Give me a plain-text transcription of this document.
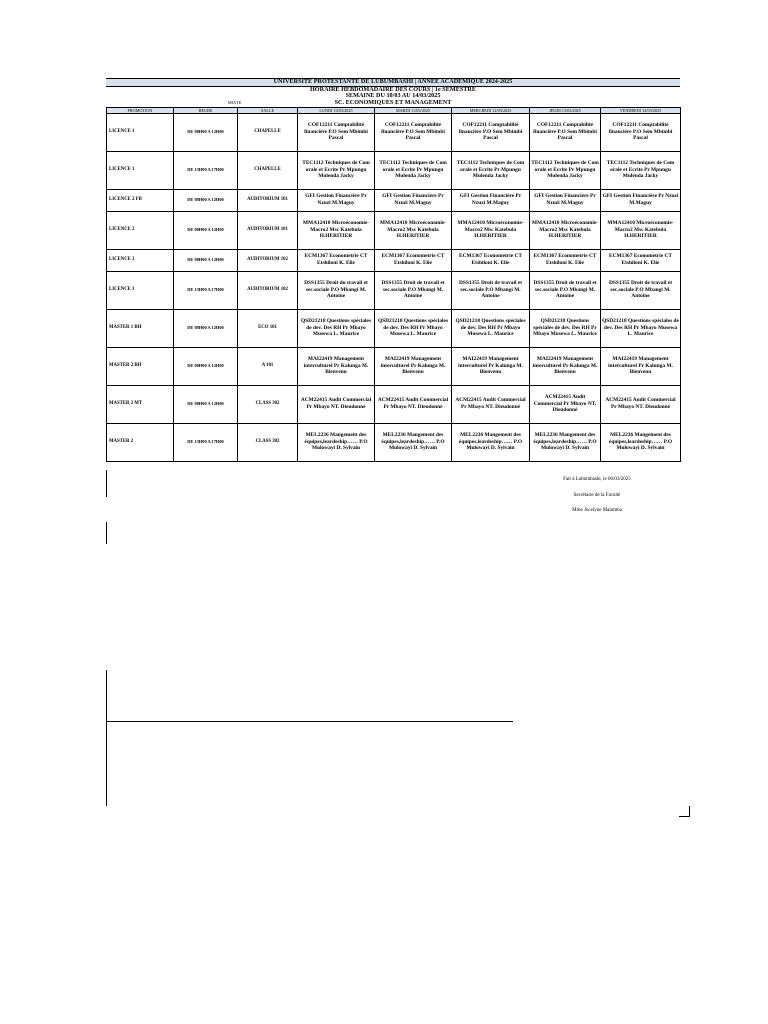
UNIVERSITE PROTESTANTE DE LUBUMBASHI | ANNEE ACADEMIQUE 2024-2025
HORAIRE HEBDOMADAIRE DES COURS | 1e SEMESTRE
SEMAINE DU 10/03 AU 14/03/2025
SC. ECONOMIQUES ET MANAGEMENT
MIXTE
PROMOTION	HEURE	SALLE	LUNDI 10/03/2025	MARDI 11/03/2025	MERCREDI 12/03/2025	JEUDI 13/03/2025	VENDREDI 14/03/2025
LICENCE 1	DE 08H00 A 12H00	CHAPELLE	COF12211 Comptabilité financière P.O Sem Mbimbi Pascal	COF12211 Comptabilité financière P.O Sem Mbimbi Pascal	COF12211 Comptabilité financière P.O Sem Mbimbi Pascal	COF12211 Comptabilité financière P.O Sem Mbimbi Pascal	COF12211 Comptabilité financière P.O Sem Mbimbi Pascal
LICENCE 1	DE 13H00 A 17H00	CHAPELLE	TEC1112 Techniques de Com orale et Ecrite Pr Mpungu Mulenda Jacky	TEC1112 Techniques de Com orale et Ecrite Pr Mpungu Mulenda Jacky	TEC1112 Techniques de Com orale et Ecrite Pr Mpungu Mulenda Jacky	TEC1112 Techniques de Com orale et Ecrite Pr Mpungu Mulenda Jacky	TEC1112 Techniques de Com orale et Ecrite Pr Mpungu Mulenda Jacky
LICENCE 2 FB	DE 08H00 A 12H00	AUDITORIUM 101	GFI Gestion Financière Pr Nzuzi M.Maguy	GFI Gestion Financière Pr Nzuzi M.Maguy	GFI Gestion Financière Pr Nzuzi M.Maguy	GFI Gestion Financière Pr Nzuzi M.Maguy	GFI Gestion Financière Pr Nzuzi M.Maguy
LICENCE 2	DE 08H00 A 12H00	AUDITORIUM 101	MMA12410 Microéconomie-Macro2 Msc Katebula H.HERITIER	MMA12410 Microéconomie-Macro2 Msc Katebula H.HERITIER	MMA12410 Microéconomie-Macro2 Msc Katebula H.HERITIER	MMA12410 Microéconomie-Macro2 Msc Katebula H.HERITIER	MMA12410 Microéconomie-Macro2 Msc Katebula H.HERITIER
LICENCE 3	DE 08H00 A 12H00	AUDITORIUM 102	ECM1367 Econometrie CT Etshiloni K. Elie	ECM1367 Econometrie CT Etshiloni K. Elie	ECM1367 Econometrie CT Etshiloni K. Elie	ECM1367 Econometrie CT Etshiloni K. Elie	ECM1367 Econometrie CT Etshiloni K. Elie
LICENCE 3	DE 13H00 A 17H00	AUDITORIUM 102	DSS1355 Droit du travail et sec.sociale P.O Mbangi M. Antoine	DSS1355 Droit de travail et sec.sociale P.O Mbangi M. Antoine	DSS1355 Droit de travail et sec.sociale P.O Mbangi M. Antoine	DSS1355 Droit de travail et sec.sociale P.O Mbangi M. Antoine	DSS1355 Droit de travail et sec.sociale P.O Mbangi M. Antoine
MASTER 1 RH	DE 08H00 A 12H00	ECO 101	QSD21218 Questions spéciales de dev. Des RH Pr Mbayo Musewa L. Maurice	QSD21218 Questions spéciales de dev. Des RH Pr Mbayo Musewa L. Maurice	QSD21218 Questions spéciales de dev. Des RH Pr Mbayo Musewa L. Maurice	QSD21218 Questions spéciales de dev. Des RH Pr Mbayo Musewa L. Maurice	QSD21218 Questions spéciales de dev. Des RH Pr Mbayo Musewa L. Maurice
MASTER 2 RH	DE 08H00 A 12H00	A 101	MAI22419 Management interculturel Pr Kalunga M. Bienvenu	MAI22419 Management interculturel Pr Kalunga M. Bienvenu	MAI22419 Management interculturel Pr Kalunga M. Bienvenu	MAI22419 Management interculturel Pr Kalunga M. Bienvenu	MAI22419 Management interculturel Pr Kalunga M. Bienvenu
MASTER 2 MT	DE 08H00 A 12H00	CLASS 302	ACM22415 Audit Commercial Pr Mbayo NT. Dieudonné	ACM22415 Audit Commercial Pr Mbayo NT. Dieudonné	ACM22415 Audit Commercial Pr Mbayo NT. Dieudonné	ACM22415 Audit Commercial Pr Mbayo NT. Dieudonné	ACM22415 Audit Commercial Pr Mbayo NT. Dieudonné
MASTER 2	DE 13H00 A 17H00	CLASS 302	MEL2236 Mangement des équipes,leardeship…… P.O Mulowayi D. Sylvain	MEL2236 Mangement des équipes,leardeship…… P.O Mulowayi D. Sylvain	MEL2236 Mangement des équipes,leardeship…… P.O Mulowayi D. Sylvain	MEL2236 Mangement des équipes,leardeship…… P.O Mulowayi D. Sylvain	MEL2236 Mangement des équipes,leardeship…… P.O Mulowayi D. Sylvain
Fait à Lubumbashi, le 06/03/2025
Secrétaire de la Faculté
Mme Jocelyne Malumba
